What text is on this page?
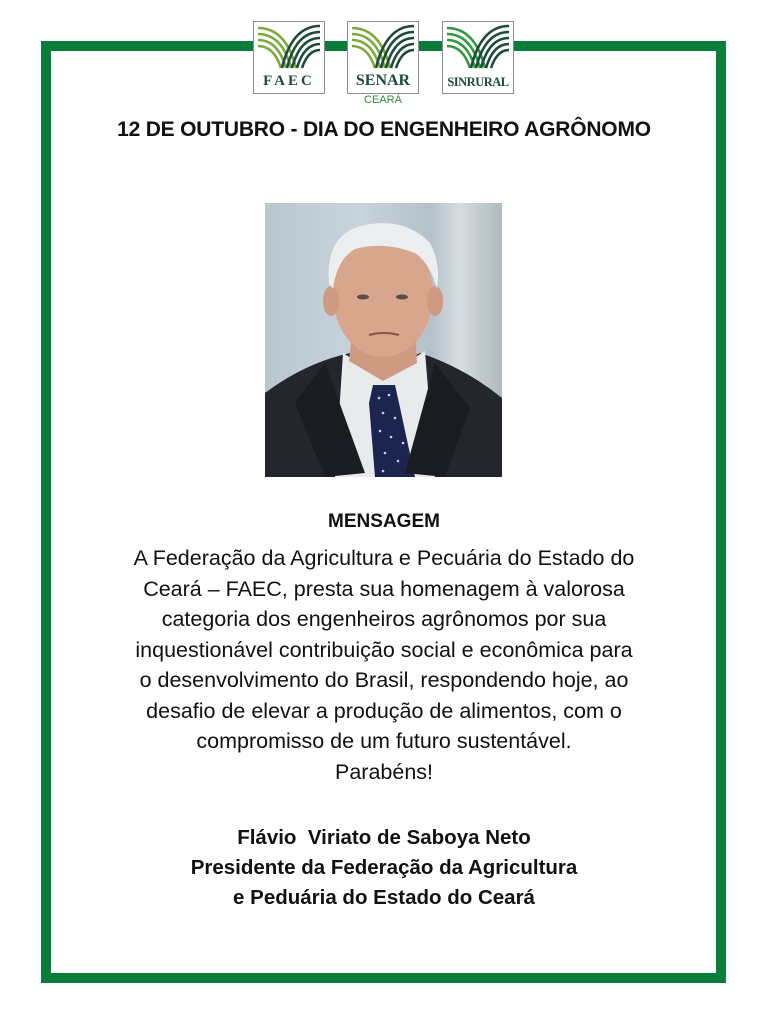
FAEC	SENAR
CEARÁ
SINRURAL
12 DE OUTUBRO - DIA DO ENGENHEIRO AGRÔNOMO
MENSAGEM
A Federação da Agricultura e Pecuária do Estado do
Ceará – FAEC, presta sua homenagem à valorosa
categoria dos engenheiros agrônomos por sua
inquestionável contribuição social e econômica para
o desenvolvimento do Brasil, respondendo hoje, ao
desafio de elevar a produção de alimentos, com o
compromisso de um futuro sustentável.
Parabéns!
Flávio  Viriato de Saboya Neto
Presidente da Federação da Agricultura
e Peduária do Estado do Ceará
